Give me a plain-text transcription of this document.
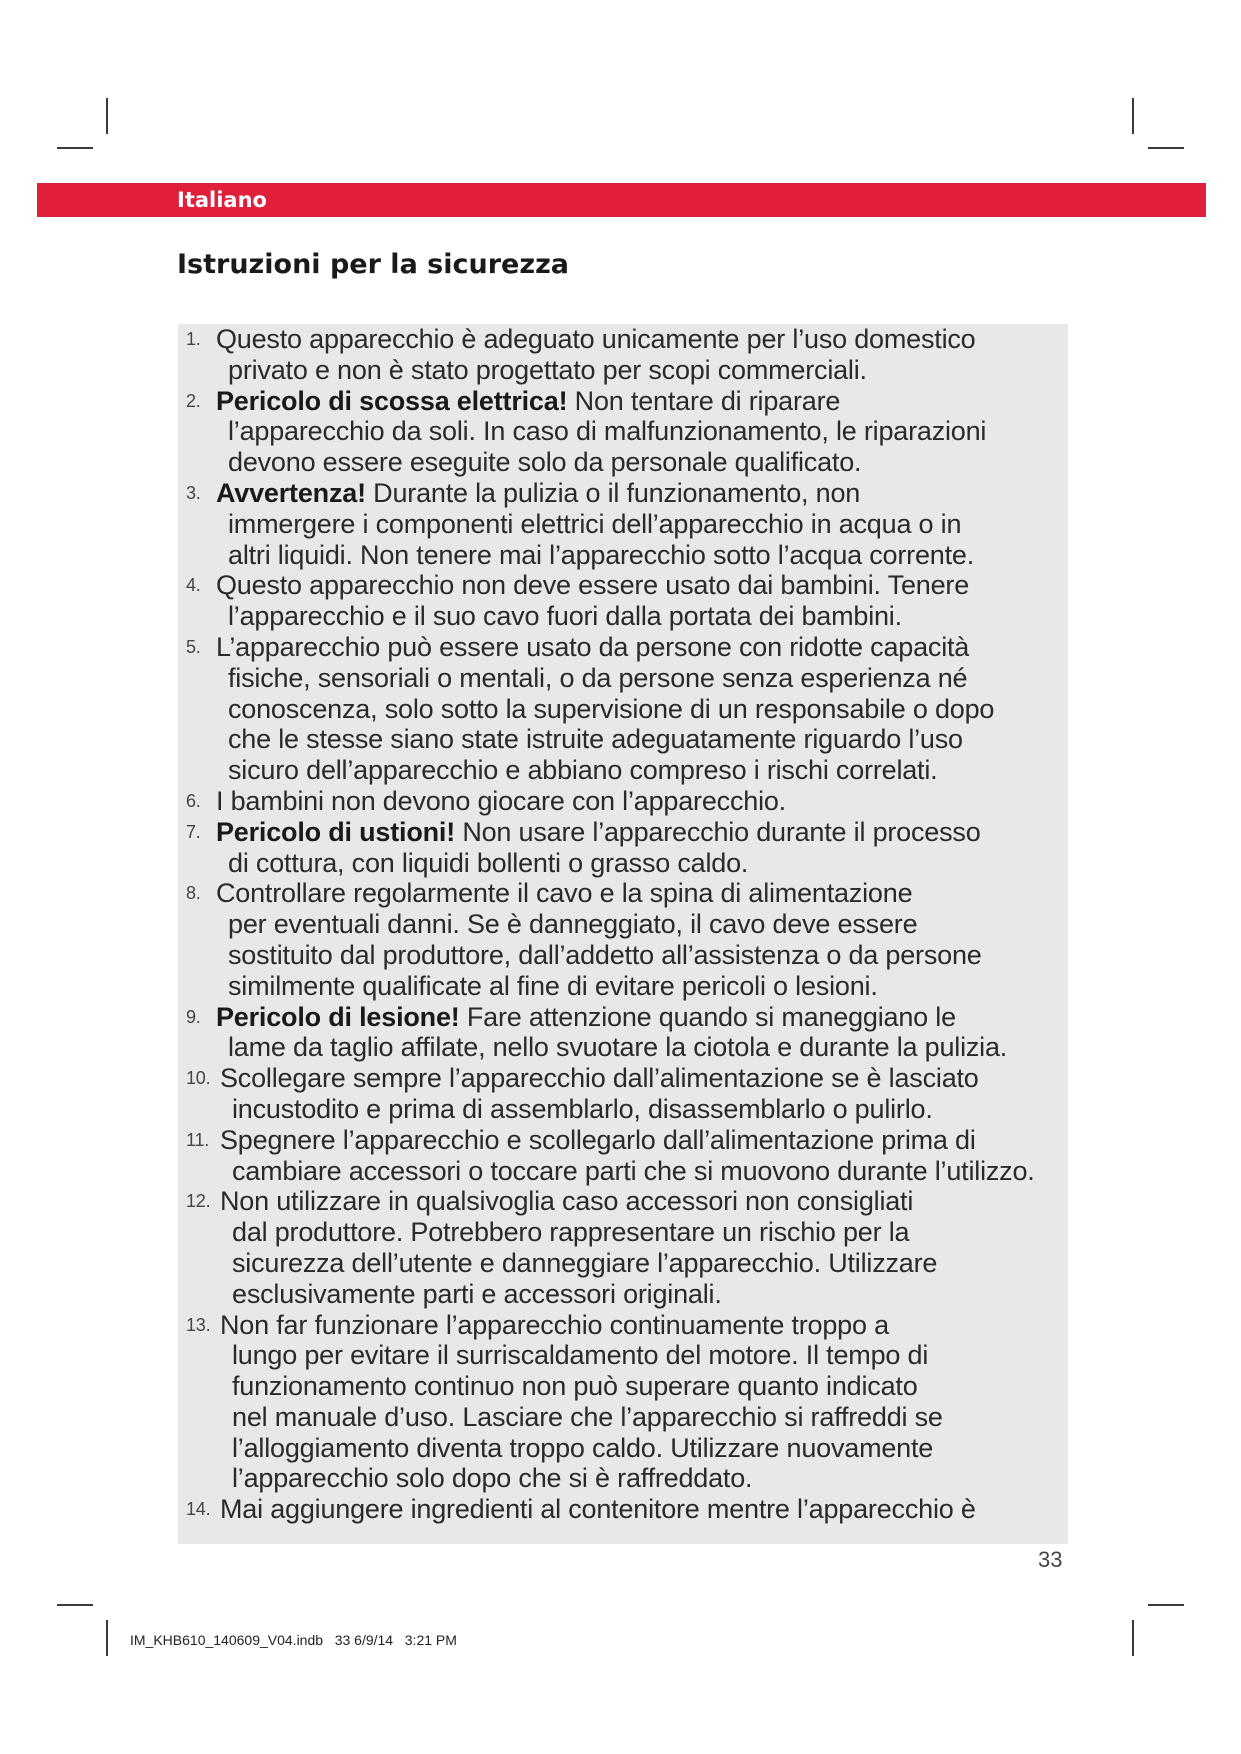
Italiano
Istruzioni per la sicurezza
1. Questo apparecchio è adeguato unicamente per l’uso domestico
privato e non è stato progettato per scopi commerciali.
2. Pericolo di scossa elettrica! Non tentare di riparare
l’apparecchio da soli. In caso di malfunzionamento, le riparazioni
devono essere eseguite solo da personale qualificato.
3. Avvertenza! Durante la pulizia o il funzionamento, non
immergere i componenti elettrici dell’apparecchio in acqua o in
altri liquidi. Non tenere mai l’apparecchio sotto l’acqua corrente.
4. Questo apparecchio non deve essere usato dai bambini. Tenere
l’apparecchio e il suo cavo fuori dalla portata dei bambini.
5. L’apparecchio può essere usato da persone con ridotte capacità
fisiche, sensoriali o mentali, o da persone senza esperienza né
conoscenza, solo sotto la supervisione di un responsabile o dopo
che le stesse siano state istruite adeguatamente riguardo l’uso
sicuro dell’apparecchio e abbiano compreso i rischi correlati.
6. I bambini non devono giocare con l’apparecchio.
7. Pericolo di ustioni! Non usare l’apparecchio durante il processo
di cottura, con liquidi bollenti o grasso caldo.
8. Controllare regolarmente il cavo e la spina di alimentazione
per eventuali danni. Se è danneggiato, il cavo deve essere
sostituito dal produttore, dall’addetto all’assistenza o da persone
similmente qualificate al fine di evitare pericoli o lesioni.
9. Pericolo di lesione! Fare attenzione quando si maneggiano le
lame da taglio affilate, nello svuotare la ciotola e durante la pulizia.
10. Scollegare sempre l’apparecchio dall’alimentazione se è lasciato
incustodito e prima di assemblarlo, disassemblarlo o pulirlo.
11. Spegnere l’apparecchio e scollegarlo dall’alimentazione prima di
cambiare accessori o toccare parti che si muovono durante l’utilizzo.
12. Non utilizzare in qualsivoglia caso accessori non consigliati
dal produttore. Potrebbero rappresentare un rischio per la
sicurezza dell’utente e danneggiare l’apparecchio. Utilizzare
esclusivamente parti e accessori originali.
13. Non far funzionare l’apparecchio continuamente troppo a
lungo per evitare il surriscaldamento del motore. Il tempo di
funzionamento continuo non può superare quanto indicato
nel manuale d’uso. Lasciare che l’apparecchio si raffreddi se
l’alloggiamento diventa troppo caldo. Utilizzare nuovamente
l’apparecchio solo dopo che si è raffreddato.
14. Mai aggiungere ingredienti al contenitore mentre l’apparecchio è
33
IM_KHB610_140609_V04.indb   33 6/9/14   3:21 PM
